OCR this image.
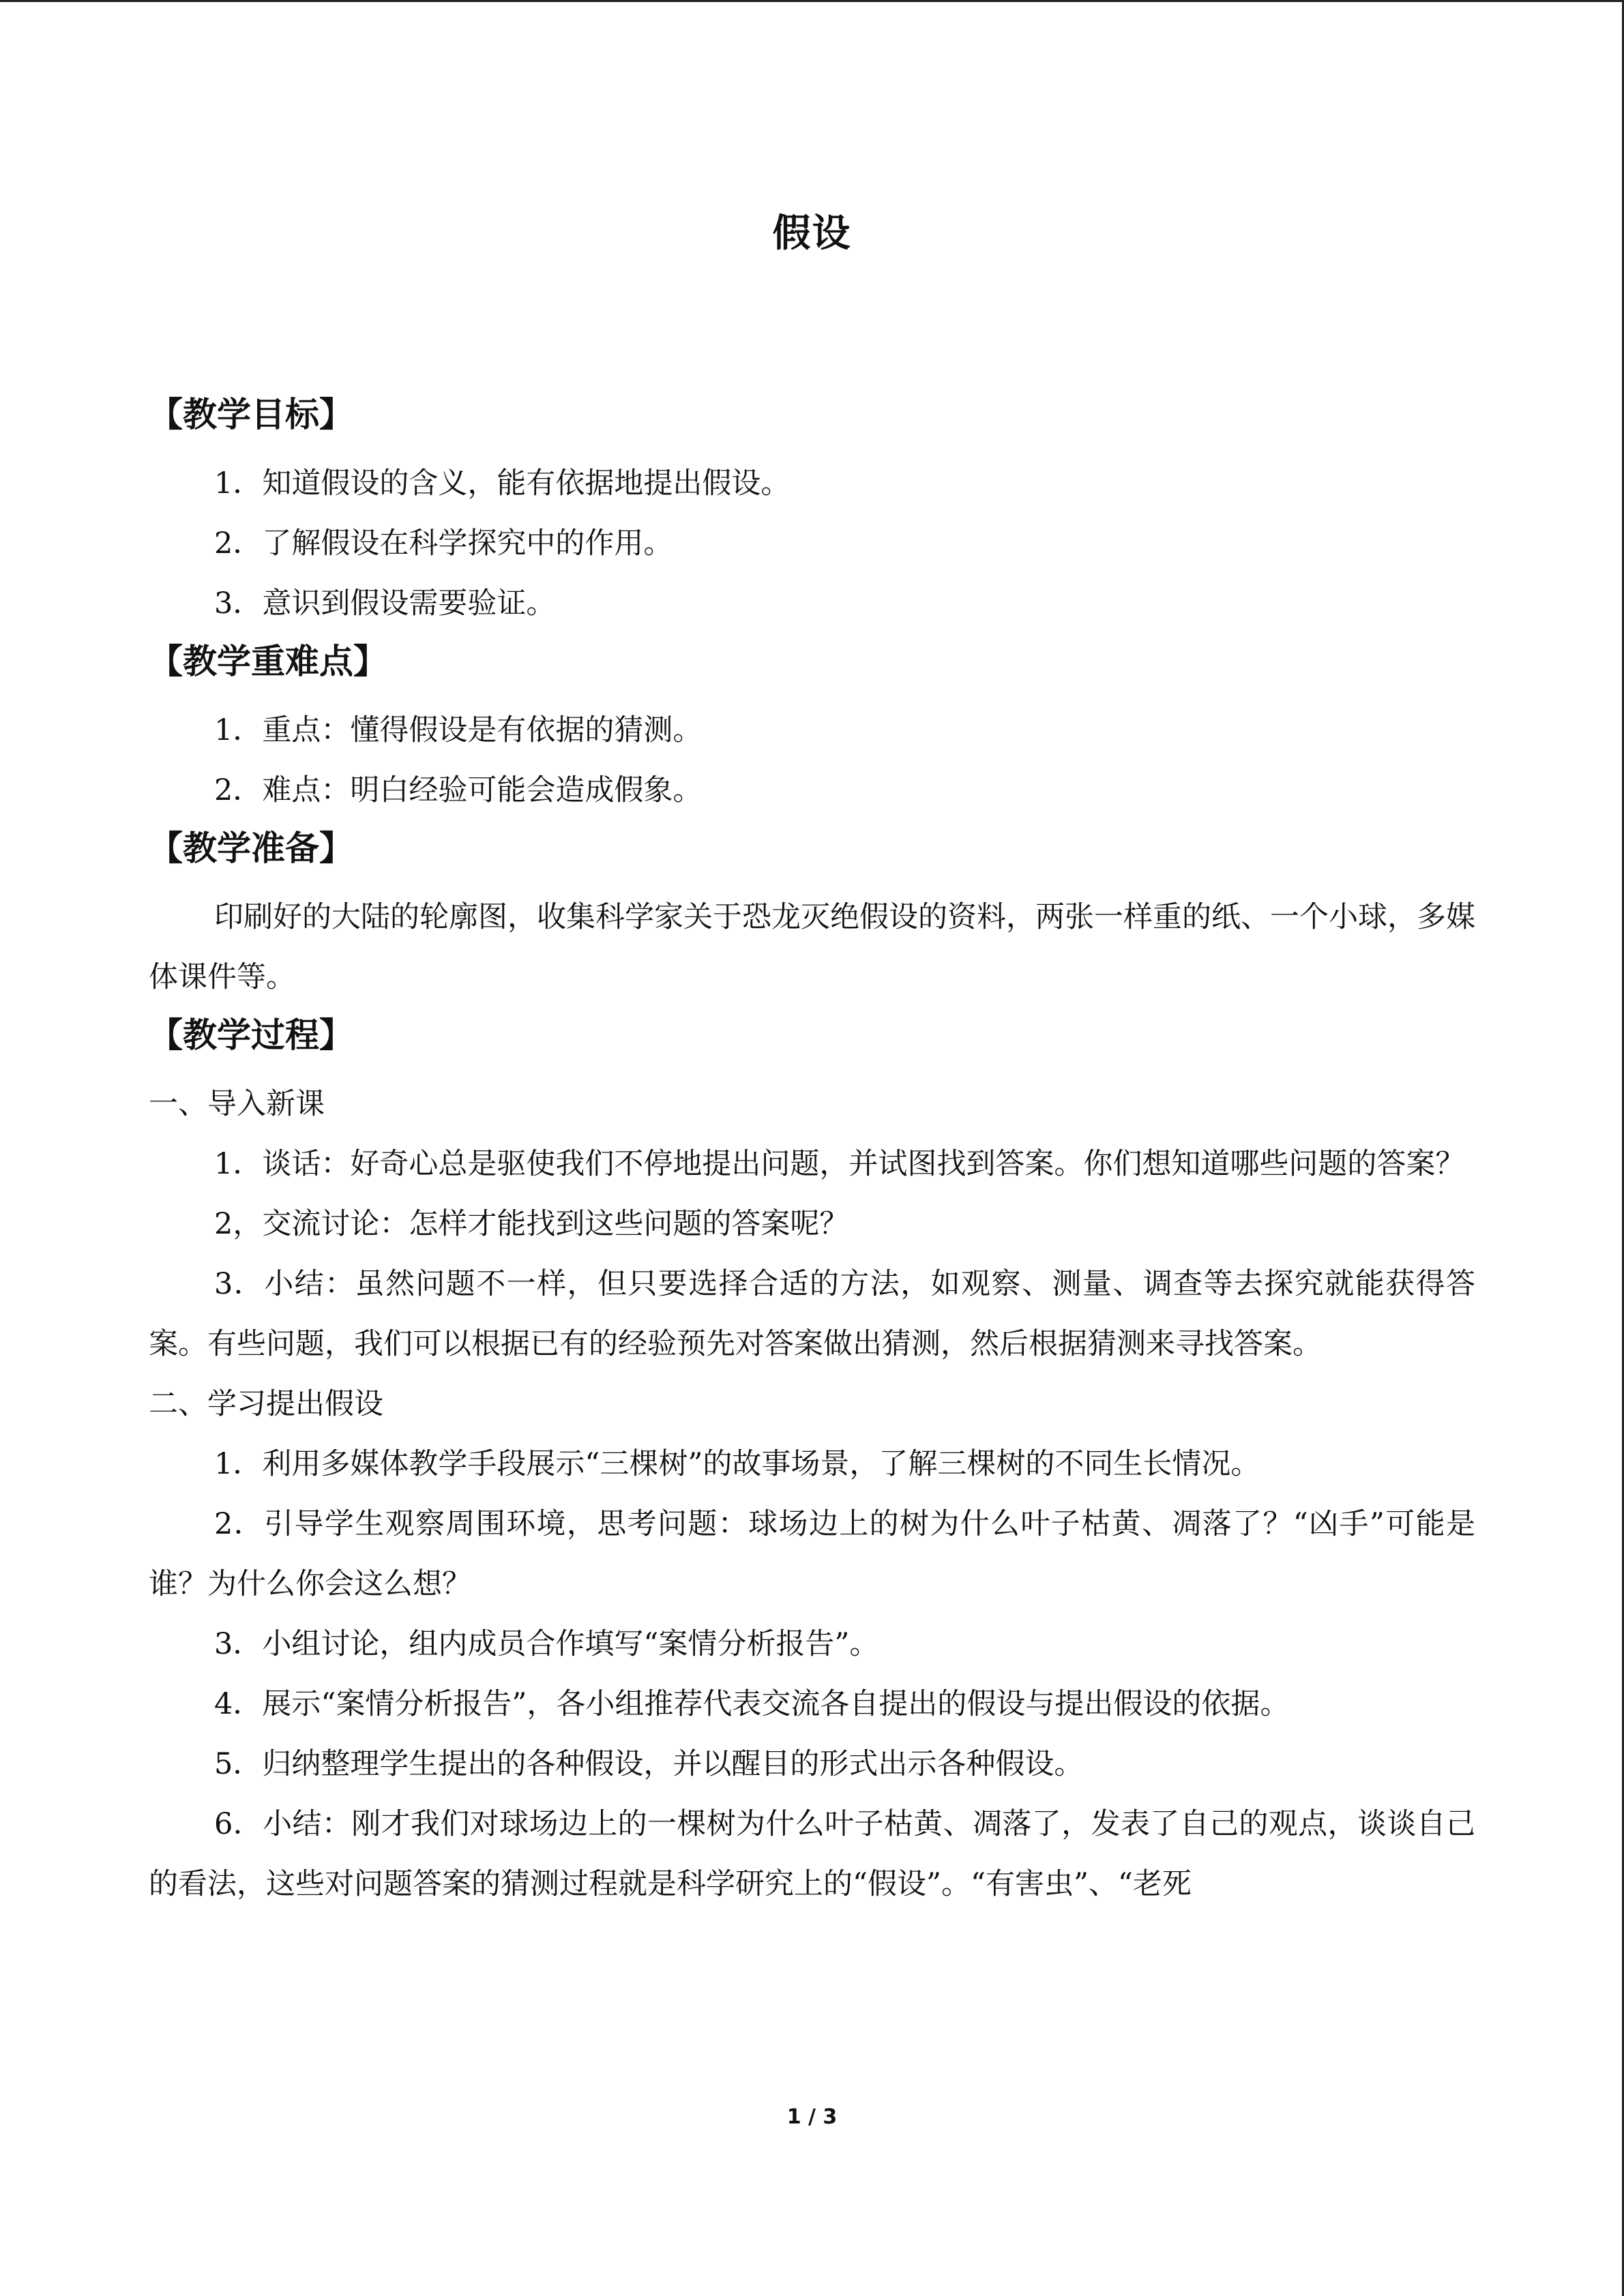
假设
【教学目标】

1．知道假设的含义，能有依据地提出假设。

2．了解假设在科学探究中的作用。

3．意识到假设需要验证。

【教学重难点】

1．重点：懂得假设是有依据的猜测。

2．难点：明白经验可能会造成假象。

【教学准备】

印刷好的大陆的轮廓图，收集科学家关于恐龙灭绝假设的资料，两张一样重的纸、一个小球，多媒体课件等。

【教学过程】

一、导入新课

1．谈话：好奇心总是驱使我们不停地提出问题，并试图找到答案。你们想知道哪些问题的答案？

2，交流讨论：怎样才能找到这些问题的答案呢？

3．小结：虽然问题不一样，但只要选择合适的方法，如观察、测量、调查等去探究就能获得答案。有些问题，我们可以根据已有的经验预先对答案做出猜测，然后根据猜测来寻找答案。

二、学习提出假设

1．利用多媒体教学手段展示“三棵树”的故事场景，了解三棵树的不同生长情况。

2．引导学生观察周围环境，思考问题：球场边上的树为什么叶子枯黄、凋落了？“凶手”可能是谁？为什么你会这么想？

3．小组讨论，组内成员合作填写“案情分析报告”。

4．展示“案情分析报告”，各小组推荐代表交流各自提出的假设与提出假设的依据。

5．归纳整理学生提出的各种假设，并以醒目的形式出示各种假设。

6．小结：刚才我们对球场边上的一棵树为什么叶子枯黄、凋落了，发表了自己的观点，谈谈自己的看法，这些对问题答案的猜测过程就是科学研究上的“假设”。“有害虫”、“老死

1 / 3
